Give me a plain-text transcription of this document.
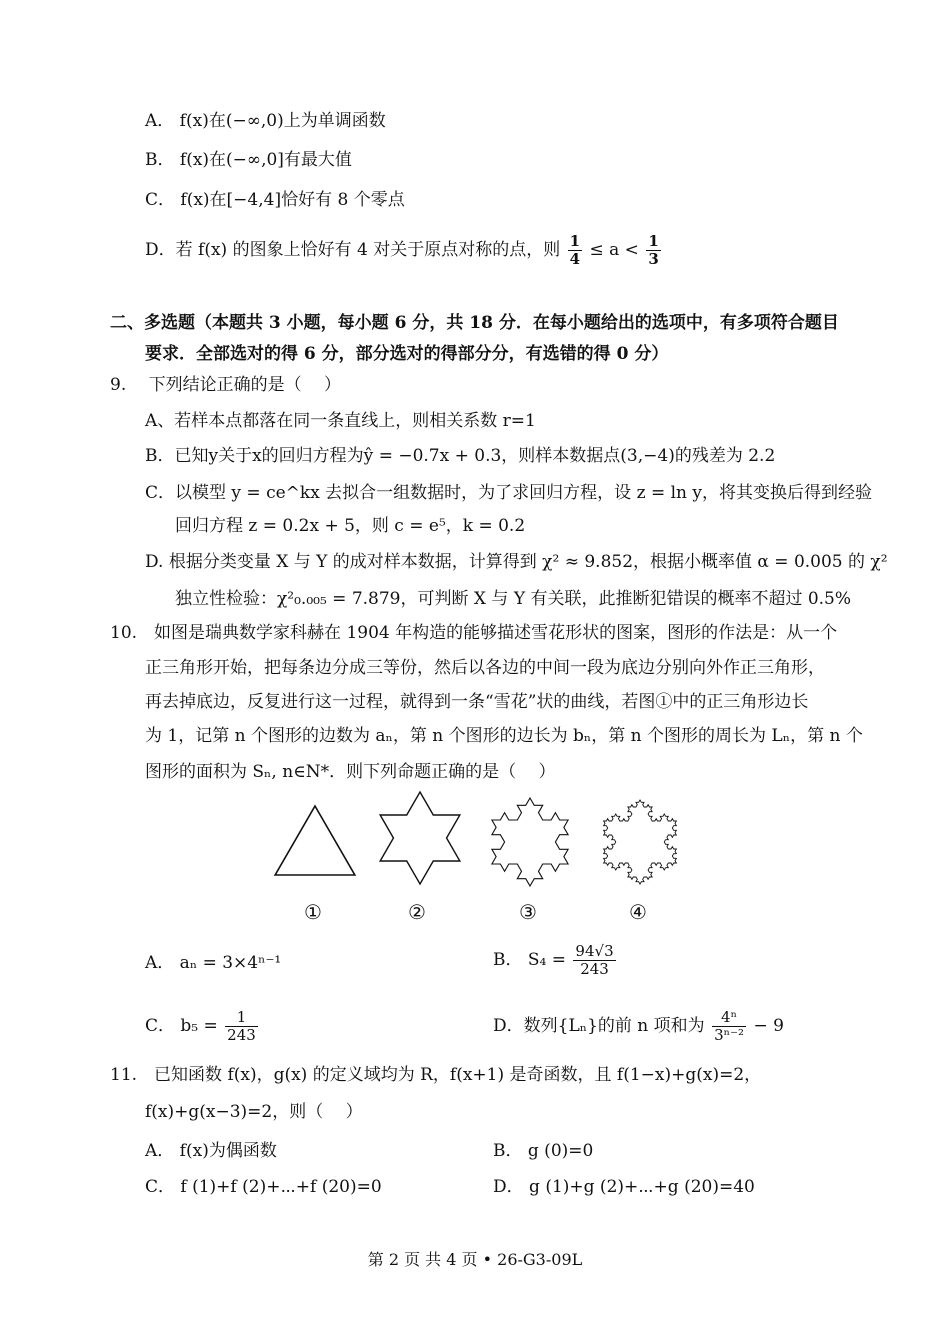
A． f(x)在(−∞,0)上为单调函数
B． f(x)在(−∞,0]有最大值
C． f(x)在[−4,4]恰好有 8 个零点
D．若 f(x) 的图象上恰好有 4 对关于原点对称的点，则 $\frac{1}{4} \le a < \frac{1}{3}$
二、多选题（本题共 3 小题，每小题 6 分，共 18 分．在每小题给出的选项中，有多项符合题目
要求．全部选对的得 6 分，部分选对的得部分分，有选错的得 0 分）
9.　 下列结论正确的是（　 ）
A、若样本点都落在同一条直线上，则相关系数 r=1
B．已知y关于x的回归方程为ŷ = −0.7x + 0.3，则样本数据点(3,−4)的残差为 2.2
C．以模型 y = ce^kx 去拟合一组数据时，为了求回归方程，设 z = ln y，将其变换后得到经验
回归方程 z = 0.2x + 5，则 c = e⁵，k = 0.2
D. 根据分类变量 X 与 Y 的成对样本数据，计算得到 χ² ≈ 9.852，根据小概率值 α = 0.005 的 χ²
独立性检验：χ²₀.₀₀₅ = 7.879，可判断 X 与 Y 有关联，此推断犯错误的概率不超过 0.5%
10.　如图是瑞典数学家科赫在 1904 年构造的能够描述雪花形状的图案，图形的作法是：从一个
正三角形开始，把每条边分成三等份，然后以各边的中间一段为底边分别向外作正三角形，
再去掉底边，反复进行这一过程，就得到一条“雪花”状的曲线，若图①中的正三角形边长
为 1，记第 n 个图形的边数为 aₙ，第 n 个图形的边长为 bₙ，第 n 个图形的周长为 Lₙ，第 n 个
图形的面积为 Sₙ, n∈N*．则下列命题正确的是（　 ）
①	②	③	④
A． aₙ = 3×4ⁿ⁻¹	B． $S_4 = \frac{94√3}{243}$
C． $b_5 = \frac{1}{243}$	D．数列{Lₙ}的前 n 项和为 $\frac{\text{4ⁿ}}{\text{3ⁿ⁻²}} - 9$
11.　已知函数 f(x)，g(x) 的定义域均为 R，f(x+1) 是奇函数，且 f(1−x)+g(x)=2，
f(x)+g(x−3)=2，则（　 ）
A． f(x)为偶函数	B． g (0)=0
C． f (1)+f (2)+⋯+f (20)=0	D． g (1)+g (2)+⋯+g (20)=40
第 2 页 共 4 页 • 26-G3-09L
